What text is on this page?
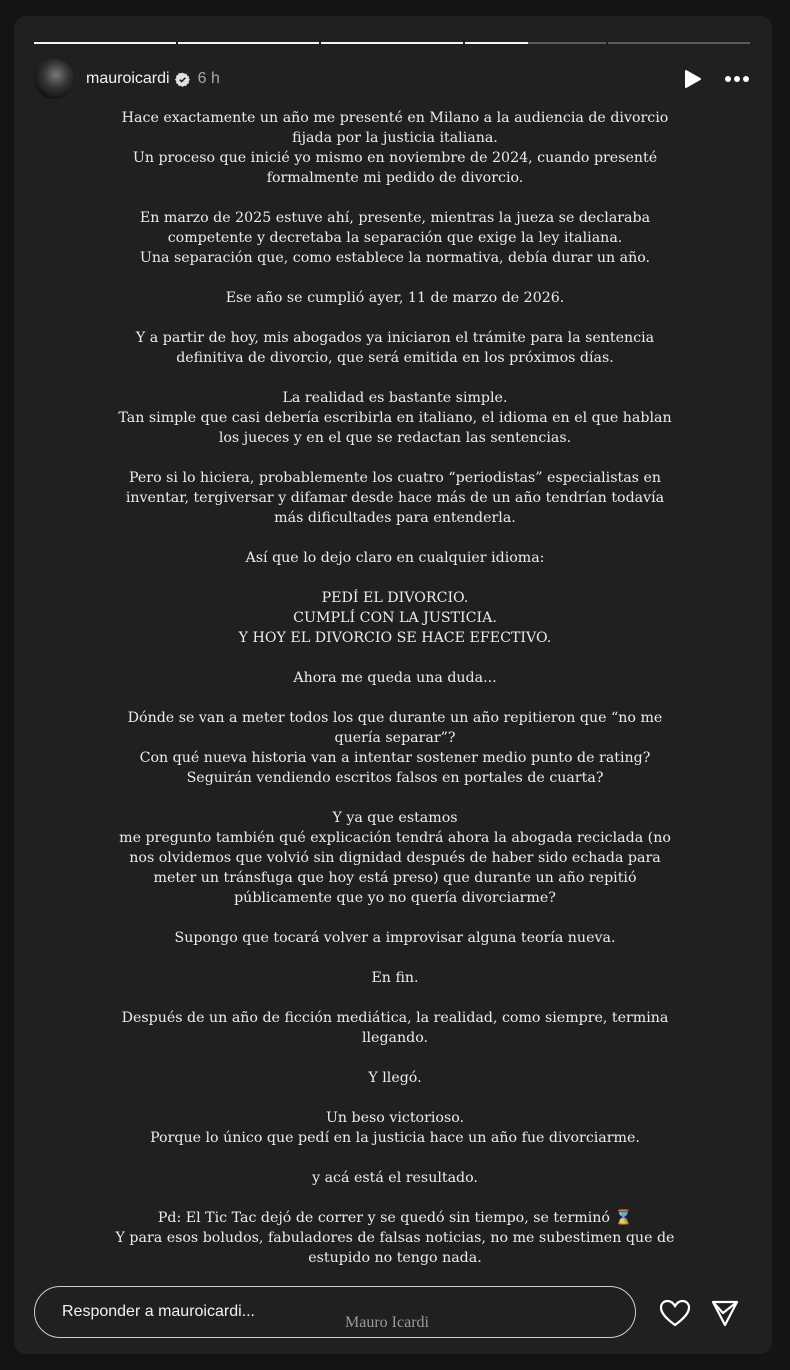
mauroicardi 6 h
Hace exactamente un año me presenté en Milano a la audiencia de divorcio
fijada por la justicia italiana.
Un proceso que inicié yo mismo en noviembre de 2024, cuando presenté
formalmente mi pedido de divorcio.
En marzo de 2025 estuve ahí, presente, mientras la jueza se declaraba
competente y decretaba la separación que exige la ley italiana.
Una separación que, como establece la normativa, debía durar un año.
Ese año se cumplió ayer, 11 de marzo de 2026.
Y a partir de hoy, mis abogados ya iniciaron el trámite para la sentencia
definitiva de divorcio, que será emitida en los próximos días.
La realidad es bastante simple.
Tan simple que casi debería escribirla en italiano, el idioma en el que hablan
los jueces y en el que se redactan las sentencias.
Pero si lo hiciera, probablemente los cuatro “periodistas” especialistas en
inventar, tergiversar y difamar desde hace más de un año tendrían todavía
más dificultades para entenderla.
Así que lo dejo claro en cualquier idioma:
PEDÍ EL DIVORCIO.
CUMPLÍ CON LA JUSTICIA.
Y HOY EL DIVORCIO SE HACE EFECTIVO.
Ahora me queda una duda...
Dónde se van a meter todos los que durante un año repitieron que “no me
quería separar”?
Con qué nueva historia van a intentar sostener medio punto de rating?
Seguirán vendiendo escritos falsos en portales de cuarta?
Y ya que estamos
me pregunto también qué explicación tendrá ahora la abogada reciclada (no
nos olvidemos que volvió sin dignidad después de haber sido echada para
meter un tránsfuga que hoy está preso) que durante un año repitió
públicamente que yo no quería divorciarme?
Supongo que tocará volver a improvisar alguna teoría nueva.
En fin.
Después de un año de ficción mediática, la realidad, como siempre, termina
llegando.
Y llegó.
Un beso victorioso.
Porque lo único que pedí en la justicia hace un año fue divorciarme.
y acá está el resultado.
Pd: El Tic Tac dejó de correr y se quedó sin tiempo, se terminó ⌛
Y para esos boludos, fabuladores de falsas noticias, no me subestimen que de
estupido no tengo nada.
Responder a mauroicardi...
Mauro Icardi
